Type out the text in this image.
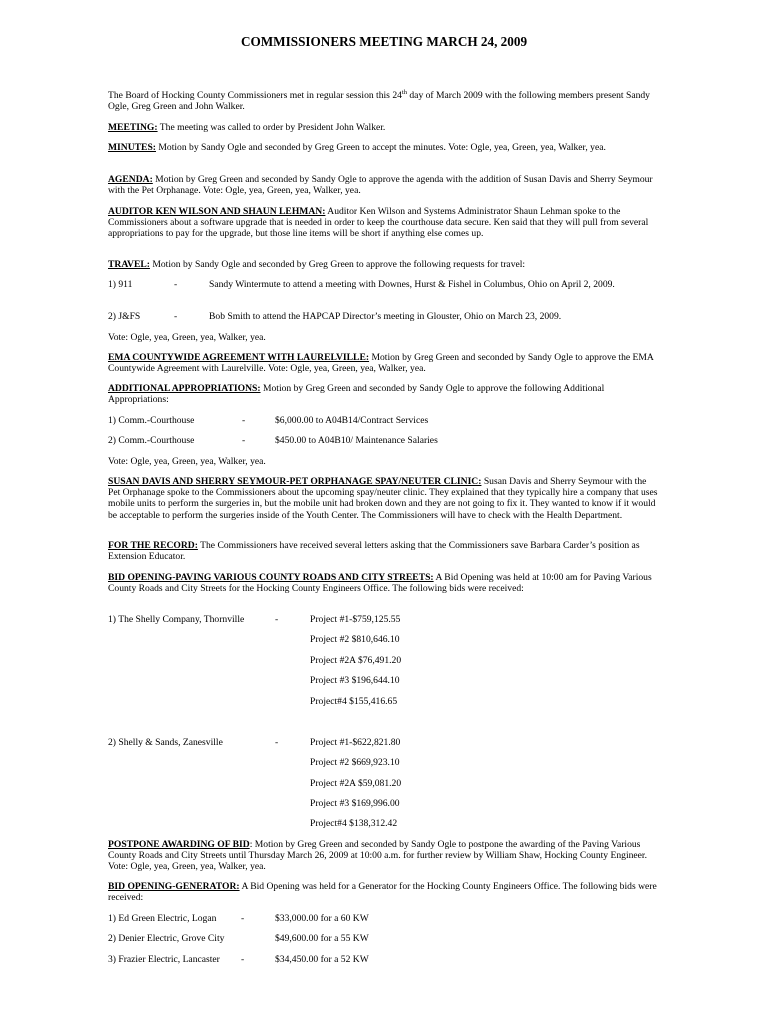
COMMISSIONERS MEETING MARCH 24, 2009
The Board of Hocking County Commissioners met in regular session this 24th day of March 2009 with the following members present Sandy Ogle, Greg Green and John Walker.
MEETING: The meeting was called to order by President John Walker.
MINUTES: Motion by Sandy Ogle and seconded by Greg Green to accept the minutes. Vote: Ogle, yea, Green, yea, Walker, yea.
AGENDA: Motion by Greg Green and seconded by Sandy Ogle to approve the agenda with the addition of Susan Davis and Sherry Seymour with the Pet Orphanage. Vote: Ogle, yea, Green, yea, Walker, yea.
AUDITOR KEN WILSON AND SHAUN LEHMAN: Auditor Ken Wilson and Systems Administrator Shaun Lehman spoke to the Commissioners about a software upgrade that is needed in order to keep the courthouse data secure. Ken said that they will pull from several appropriations to pay for the upgrade, but those line items will be short if anything else comes up.
TRAVEL: Motion by Sandy Ogle and seconded by Greg Green to approve the following requests for travel:
1) 911	-	Sandy Wintermute to attend a meeting with Downes, Hurst & Fishel in Columbus, Ohio on April 2, 2009.
2) J&FS	-	Bob Smith to attend the HAPCAP Director’s meeting in Glouster, Ohio on March 23, 2009.
Vote: Ogle, yea, Green, yea, Walker, yea.
EMA COUNTYWIDE AGREEMENT WITH LAURELVILLE: Motion by Greg Green and seconded by Sandy Ogle to approve the EMA Countywide Agreement with Laurelville. Vote: Ogle, yea, Green, yea, Walker, yea.
ADDITIONAL APPROPRIATIONS: Motion by Greg Green and seconded by Sandy Ogle to approve the following Additional Appropriations:
1) Comm.-Courthouse	-	$6,000.00 to A04B14/Contract Services
2) Comm.-Courthouse	-	$450.00 to A04B10/ Maintenance Salaries
Vote: Ogle, yea, Green, yea, Walker, yea.
SUSAN DAVIS AND SHERRY SEYMOUR-PET ORPHANAGE SPAY/NEUTER CLINIC: Susan Davis and Sherry Seymour with the Pet Orphanage spoke to the Commissioners about the upcoming spay/neuter clinic. They explained that they typically hire a company that uses mobile units to perform the surgeries in, but the mobile unit had broken down and they are not going to fix it. They wanted to know if it would be acceptable to perform the surgeries inside of the Youth Center. The Commissioners will have to check with the Health Department.
FOR THE RECORD: The Commissioners have received several letters asking that the Commissioners save Barbara Carder’s position as Extension Educator.
BID OPENING-PAVING VARIOUS COUNTY ROADS AND CITY STREETS: A Bid Opening was held at 10:00 am for Paving Various County Roads and City Streets for the Hocking County Engineers Office. The following bids were received:
1) The Shelly Company, Thornville	-	Project #1-$759,125.55
Project #2 $810,646.10
Project #2A $76,491.20
Project #3 $196,644.10
Project#4 $155,416.65
2) Shelly & Sands, Zanesville	-	Project #1-$622,821.80
Project #2 $669,923.10
Project #2A $59,081.20
Project #3 $169,996.00
Project#4 $138,312.42
POSTPONE AWARDING OF BID: Motion by Greg Green and seconded by Sandy Ogle to postpone the awarding of the Paving Various County Roads and City Streets until Thursday March 26, 2009 at 10:00 a.m. for further review by William Shaw, Hocking County Engineer. Vote: Ogle, yea, Green, yea, Walker, yea.
BID OPENING-GENERATOR: A Bid Opening was held for a Generator for the Hocking County Engineers Office. The following bids were received:
1) Ed Green Electric, Logan	-	$33,000.00 for a 60 KW
2) Denier Electric, Grove City	$49,600.00 for a 55 KW
3) Frazier Electric, Lancaster -	$34,450.00 for a 52 KW
